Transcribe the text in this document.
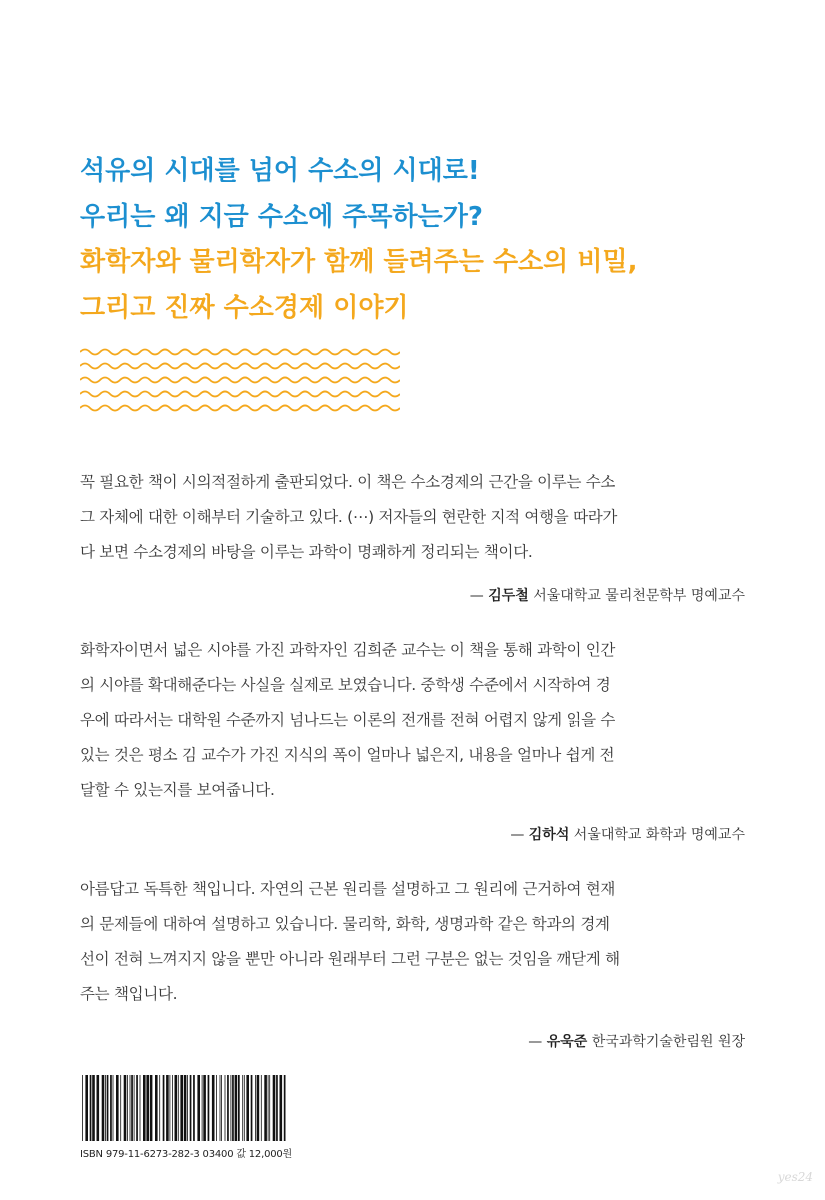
석유의 시대를 넘어 수소의 시대로!

우리는 왜 지금 수소에 주목하는가?

화학자와 물리학자가 함께 들려주는 수소의 비밀,

그리고 진짜 수소경제 이야기

꼭 필요한 책이 시의적절하게 출판되었다. 이 책은 수소경제의 근간을 이루는 수소
그 자체에 대한 이해부터 기술하고 있다. (⋯) 저자들의 현란한 지적 여행을 따라가
다 보면 수소경제의 바탕을 이루는 과학이 명쾌하게 정리되는 책이다.

— 김두철 서울대학교 물리천문학부 명예교수

화학자이면서 넓은 시야를 가진 과학자인 김희준 교수는 이 책을 통해 과학이 인간
의 시야를 확대해준다는 사실을 실제로 보였습니다. 중학생 수준에서 시작하여 경
우에 따라서는 대학원 수준까지 넘나드는 이론의 전개를 전혀 어렵지 않게 읽을 수
있는 것은 평소 김 교수가 가진 지식의 폭이 얼마나 넓은지, 내용을 얼마나 쉽게 전
달할 수 있는지를 보여줍니다.

— 김하석 서울대학교 화학과 명예교수

아름답고 독특한 책입니다. 자연의 근본 원리를 설명하고 그 원리에 근거하여 현재
의 문제들에 대하여 설명하고 있습니다. 물리학, 화학, 생명과학 같은 학과의 경계
선이 전혀 느껴지지 않을 뿐만 아니라 원래부터 그런 구분은 없는 것임을 깨닫게 해
주는 책입니다.

— 유욱준 한국과학기술한림원 원장

ISBN 979-11-6273-282-3 03400 값 12,000원

yes24
